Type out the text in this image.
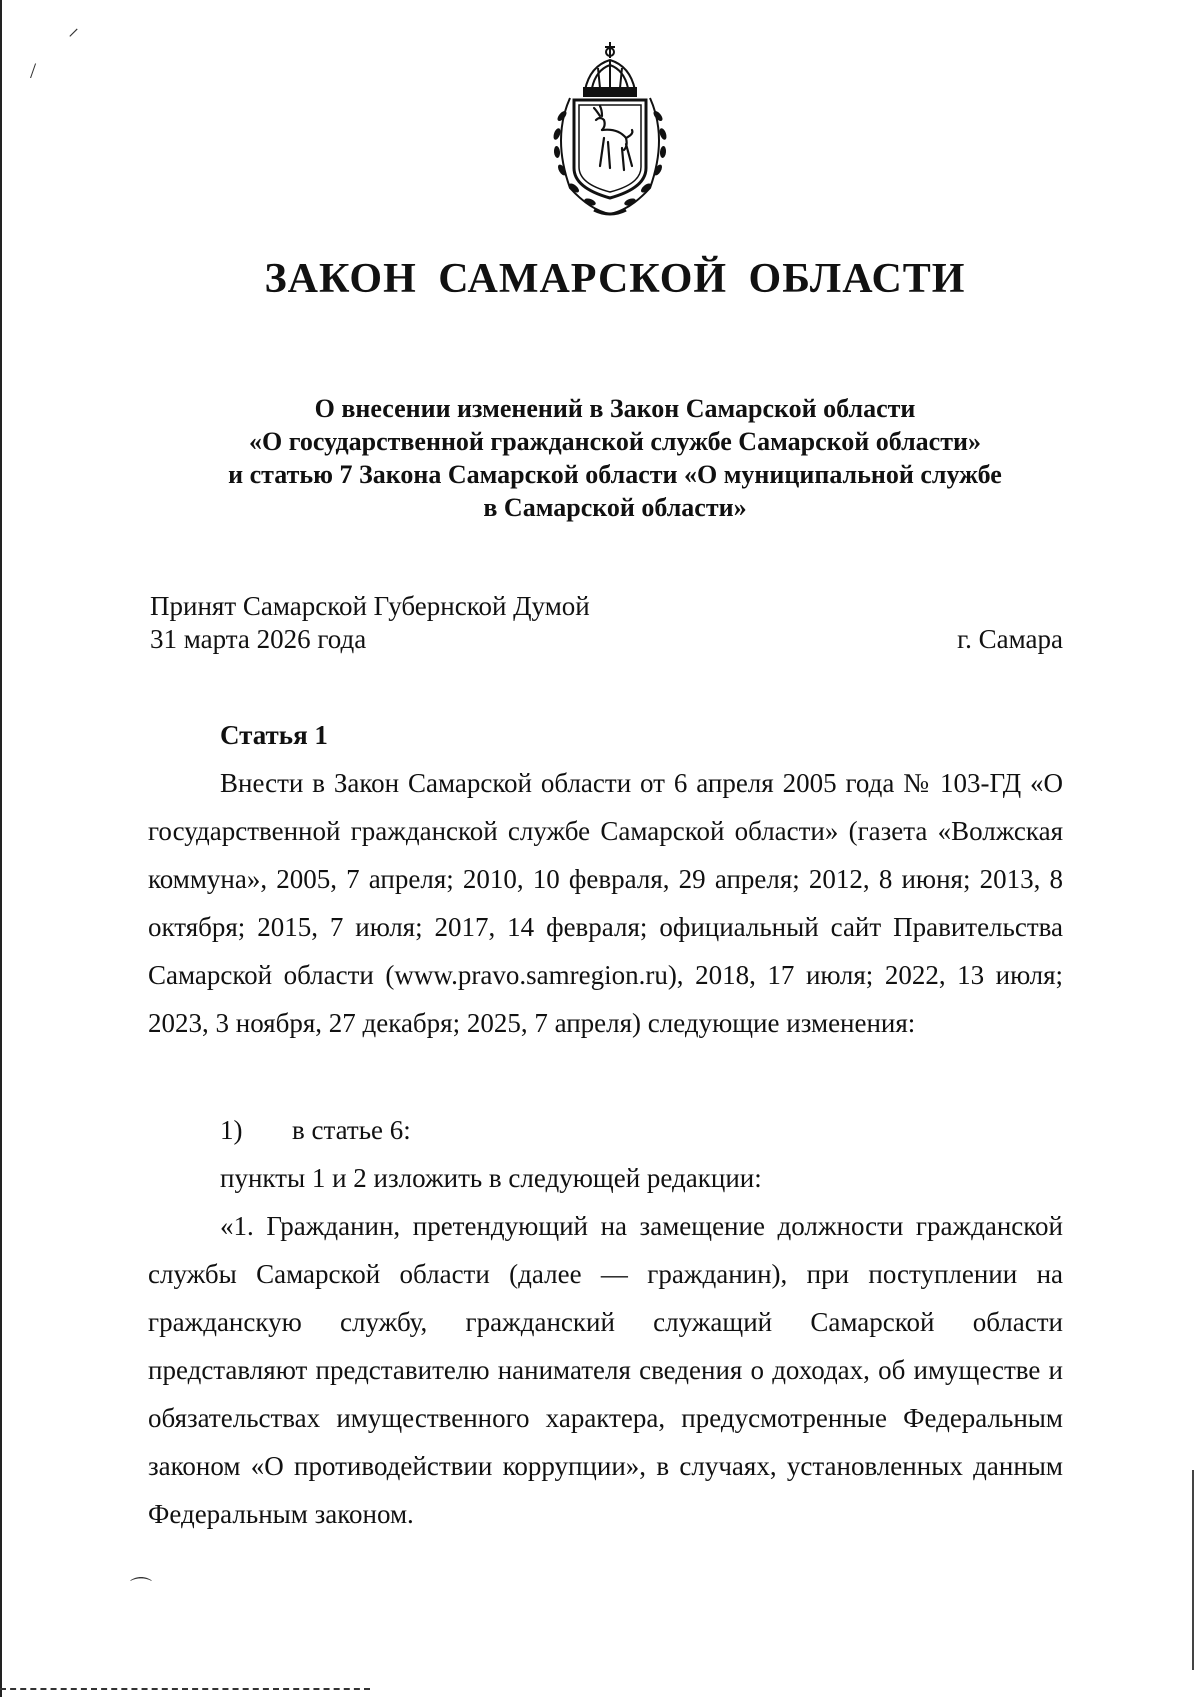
⸝
/
⌒
ЗАКОН САМАРСКОЙ ОБЛАСТИ
О внесении изменений в Закон Самарской области
«О государственной гражданской службе Самарской области»
и статью 7 Закона Самарской области «О муниципальной службе
в Самарской области»
Принят Самарской Губернской Думой
31 марта 2026 года	г. Самара
Статья 1
Внести в Закон Самарской области от 6 апреля 2005 года № 103-ГД «О государственной гражданской службе Самарской области» (газета «Волжская коммуна», 2005, 7 апреля; 2010, 10 февраля, 29 апреля; 2012, 8 июня; 2013, 8 октября; 2015, 7 июля; 2017, 14 февраля; официальный сайт Правительства Самарской области (www.pravo.samregion.ru), 2018, 17 июля; 2022, 13 июля; 2023, 3 ноября, 27 декабря; 2025, 7 апреля) следующие изменения:
1) в статье 6:
пункты 1 и 2 изложить в следующей редакции:
«1. Гражданин, претендующий на замещение должности гражданской службы Самарской области (далее — гражданин), при поступлении на гражданскую службу, гражданский служащий Самарской области представляют представителю нанимателя сведения о доходах, об имуществе и обязательствах имущественного характера, предусмотренные Федеральным законом «О противодействии коррупции», в случаях, установленных данным Федеральным законом.
